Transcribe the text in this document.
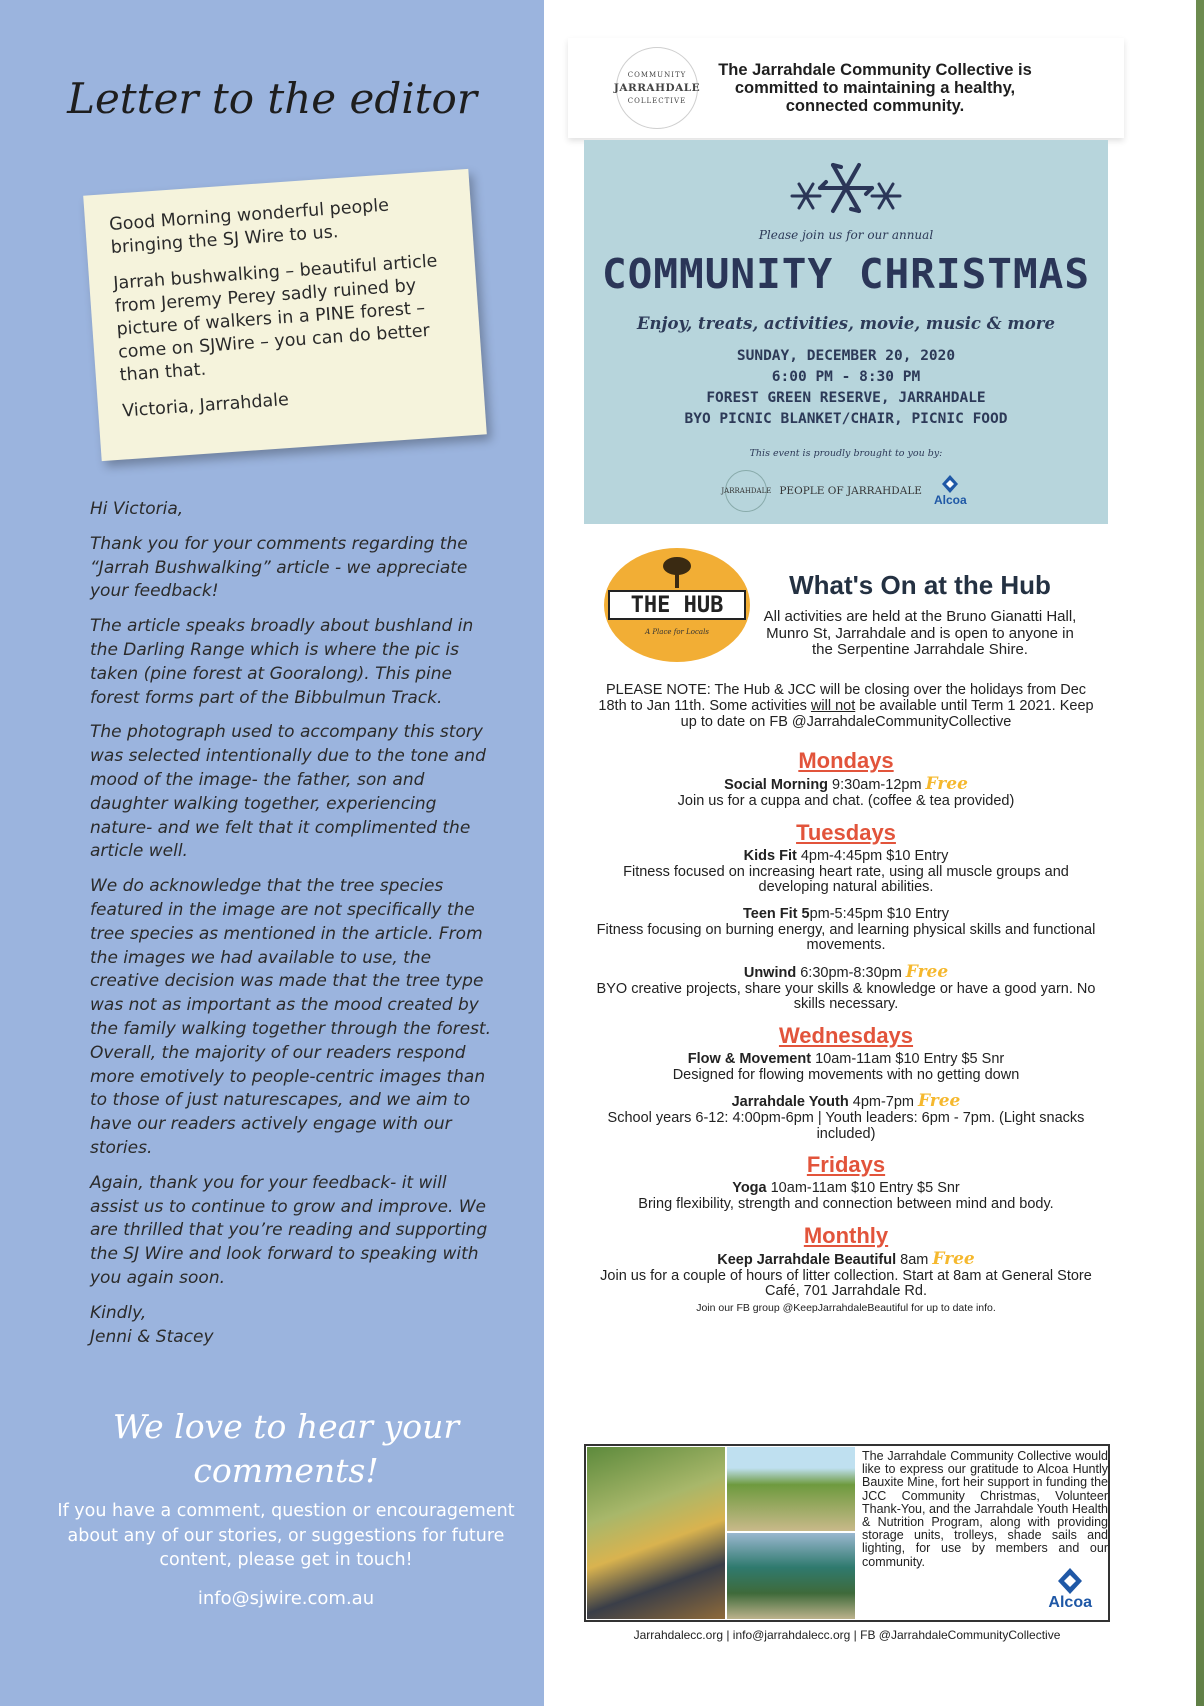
Letter to the editor

Good Morning wonderful people bringing the SJ Wire to us.

Jarrah bushwalking – beautiful article from Jeremy Perey sadly ruined by picture of walkers in a PINE forest – come on SJWire – you can do better than that.

Victoria, Jarrahdale

Hi Victoria,

Thank you for your comments regarding the “Jarrah Bushwalking” article - we appreciate your feedback!

The article speaks broadly about bushland in the Darling Range which is where the pic is taken (pine forest at Gooralong). This pine forest forms part of the Bibbulmun Track.

The photograph used to accompany this story was selected intentionally due to the tone and mood of the image- the father, son and daughter walking together, experiencing nature- and we felt that it complimented the article well.

We do acknowledge that the tree species featured in the image are not specifically the tree species as mentioned in the article. From the images we had available to use, the creative decision was made that the tree type was not as important as the mood created by the family walking together through the forest. Overall, the majority of our readers respond more emotively to people-centric images than to those of just naturescapes, and we aim to have our readers actively engage with our stories.

Again, thank you for your feedback- it will assist us to continue to grow and improve. We are thrilled that you’re reading and supporting the SJ Wire and look forward to speaking with you again soon.

Kindly,
Jenni & Stacey
We love to hear your comments!
If you have a comment, question or encouragement about any of our stories, or suggestions for future content, please get in touch!
info@sjwire.com.au
COMMUNITY
JARRAHDALE
COLLECTIVE
The Jarrahdale Community Collective is committed to maintaining a healthy, connected community.
Please join us for our annual
COMMUNITY CHRISTMAS
Enjoy, treats, activities, movie, music & more
SUNDAY, DECEMBER 20, 2020
6:00 PM - 8:30 PM
FOREST GREEN RESERVE, JARRAHDALE
BYO PICNIC BLANKET/CHAIR, PICNIC FOOD
This event is proudly brought to you by:
JARRAHDALE PEOPLE OF JARRAHDALE
Alcoa
THE HUB
A Place for Locals
What's On at the Hub
All activities are held at the Bruno Gianatti Hall, Munro St, Jarrahdale and is open to anyone in the Serpentine Jarrahdale Shire.
PLEASE NOTE: The Hub & JCC will be closing over the holidays from Dec 18th to Jan 11th. Some activities will not be available until Term 1 2021. Keep up to date on FB @JarrahdaleCommunityCollective
Mondays
Social Morning 9:30am-12pm Free
Join us for a cuppa and chat. (coffee & tea provided)
Tuesdays
Kids Fit 4pm-4:45pm $10 Entry
Fitness focused on increasing heart rate, using all muscle groups and developing natural abilities.
Teen Fit 5pm-5:45pm $10 Entry
Fitness focusing on burning energy, and learning physical skills and functional movements.
Unwind 6:30pm-8:30pm Free
BYO creative projects, share your skills & knowledge or have a good yarn. No skills necessary.
Wednesdays
Flow & Movement 10am-11am $10 Entry $5 Snr
Designed for flowing movements with no getting down
Jarrahdale Youth 4pm-7pm Free
School years 6-12: 4:00pm-6pm | Youth leaders: 6pm - 7pm. (Light snacks included)
Fridays
Yoga 10am-11am $10 Entry $5 Snr
Bring flexibility, strength and connection between mind and body.
Monthly
Keep Jarrahdale Beautiful 8am Free
Join us for a couple of hours of litter collection. Start at 8am at General Store Café, 701 Jarrahdale Rd.
Join our FB group @KeepJarrahdaleBeautiful for up to date info.
The Jarrahdale Community Collective would like to express our gratitude to Alcoa Huntly Bauxite Mine, fort heir support in funding the JCC Community Christmas, Volunteer Thank-You, and the Jarrahdale Youth Health & Nutrition Program, along with providing storage units, trolleys, shade sails and lighting, for use by members and our community.
Alcoa
Jarrahdalecc.org | info@jarrahdalecc.org | FB @JarrahdaleCommunityCollective
